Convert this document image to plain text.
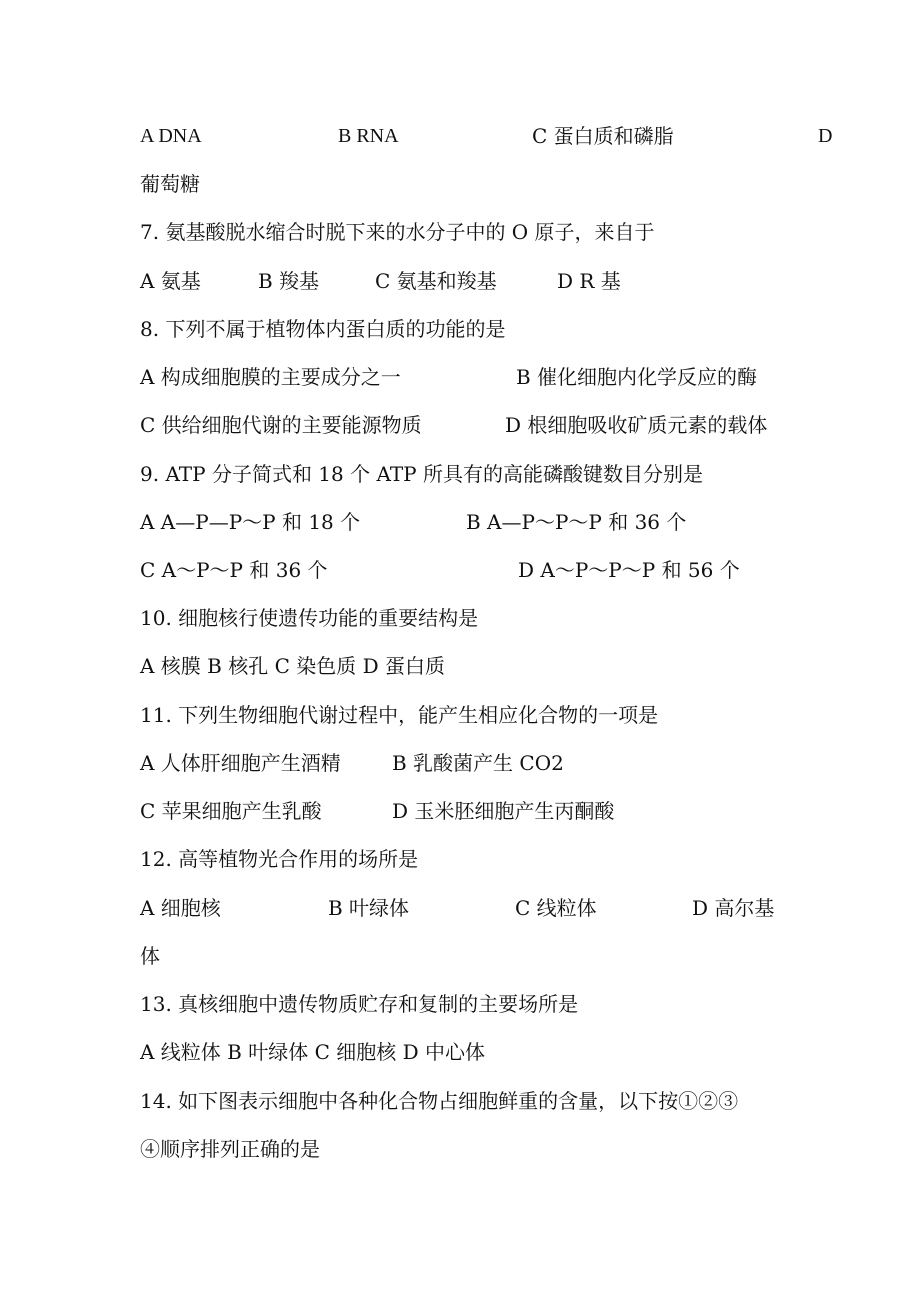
A DNA	B RNA	C 蛋白质和磷脂	D
葡萄糖
7. 氨基酸脱水缩合时脱下来的水分子中的 O 原子，来自于
A 氨基	B 羧基	C 氨基和羧基	D R 基
8. 下列不属于植物体内蛋白质的功能的是
A 构成细胞膜的主要成分之一	B 催化细胞内化学反应的酶
C 供给细胞代谢的主要能源物质	D 根细胞吸收矿质元素的载体
9. ATP 分子简式和 18 个 ATP 所具有的高能磷酸键数目分别是
A A—P—P～P 和 18 个	B A—P～P～P 和 36 个
C A～P～P 和 36 个	D A～P～P～P 和 56 个
10. 细胞核行使遗传功能的重要结构是
A 核膜 B 核孔 C 染色质 D 蛋白质
11. 下列生物细胞代谢过程中，能产生相应化合物的一项是
A 人体肝细胞产生酒精	B 乳酸菌产生 CO2
C 苹果细胞产生乳酸	D 玉米胚细胞产生丙酮酸
12. 高等植物光合作用的场所是
A 细胞核	B 叶绿体	C 线粒体	D 高尔基
体
13. 真核细胞中遗传物质贮存和复制的主要场所是
A 线粒体 B 叶绿体 C 细胞核 D 中心体
14. 如下图表示细胞中各种化合物占细胞鲜重的含量，以下按①②③
④顺序排列正确的是
